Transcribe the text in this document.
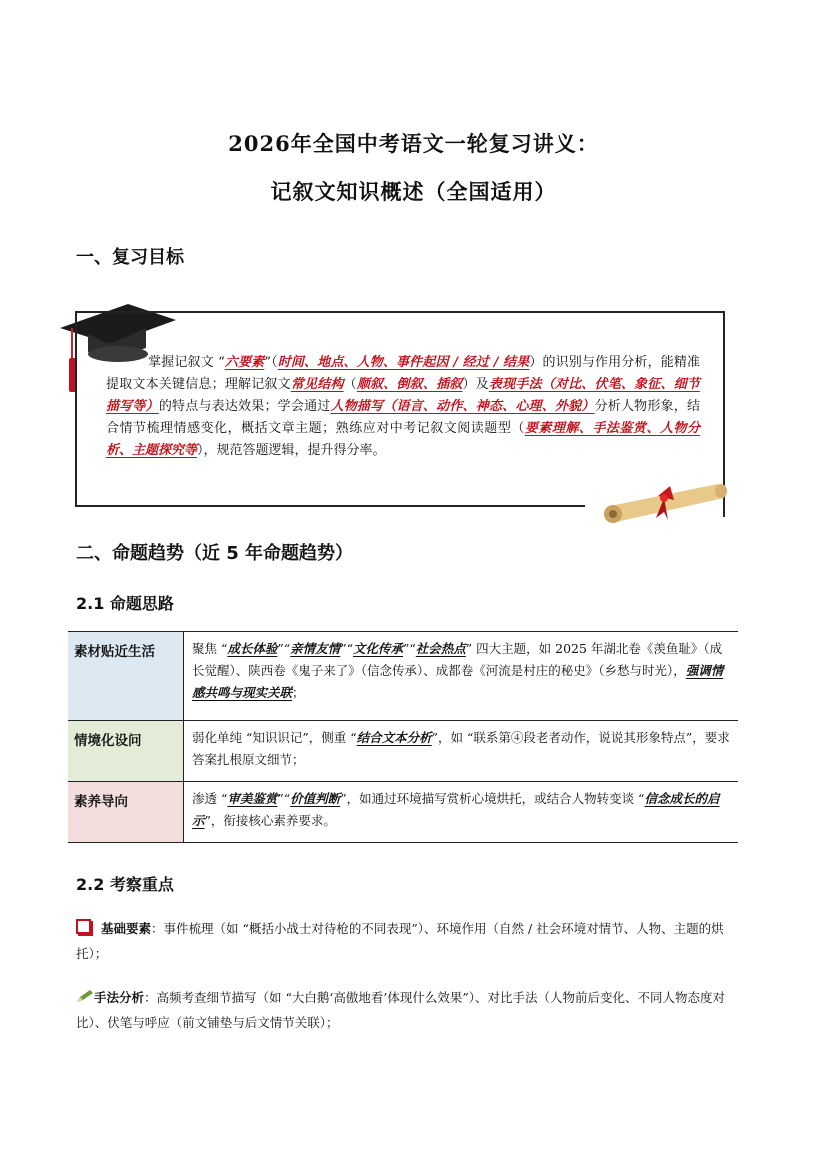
2026年全国中考语文一轮复习讲义：
记叙文知识概述（全国适用）
一、复习目标
掌握记叙文 “六要素”（时间、地点、人物、事件起因 / 经过 / 结果）的识别与作用分析，能精准提取文本关键信息；理解记叙文常见结构（顺叙、倒叙、插叙）及表现手法（对比、伏笔、象征、细节描写等）的特点与表达效果；学会通过人物描写（语言、动作、神态、心理、外貌）分析人物形象，结合情节梳理情感变化，概括文章主题；熟练应对中考记叙文阅读题型（要素理解、手法鉴赏、人物分析、主题探究等），规范答题逻辑，提升得分率。
二、命题趋势（近 5 年命题趋势）
2.1 命题思路
素材贴近生活	聚焦 “成长体验”“亲情友情”“文化传承”“社会热点” 四大主题，如 2025 年湖北卷《羡鱼耻》（成长觉醒）、陕西卷《鬼子来了》（信念传承）、成都卷《河流是村庄的秘史》（乡愁与时光），强调情感共鸣与现实关联；
情境化设问	弱化单纯 “知识识记”，侧重 “结合文本分析”，如 “联系第④段老者动作，说说其形象特点”，要求答案扎根原文细节；
素养导向	渗透 “审美鉴赏”“价值判断”，如通过环境描写赏析心境烘托，或结合人物转变谈 “信念成长的启示”，衔接核心素养要求。
2.2 考察重点
基础要素：事件梳理（如 “概括小战士对待枪的不同表现”）、环境作用（自然 / 社会环境对情节、人物、主题的烘托）；
手法分析：高频考查细节描写（如 “大白鹅‘高傲地看’体现什么效果”）、对比手法（人物前后变化、不同人物态度对比）、伏笔与呼应（前文铺垫与后文情节关联）；
